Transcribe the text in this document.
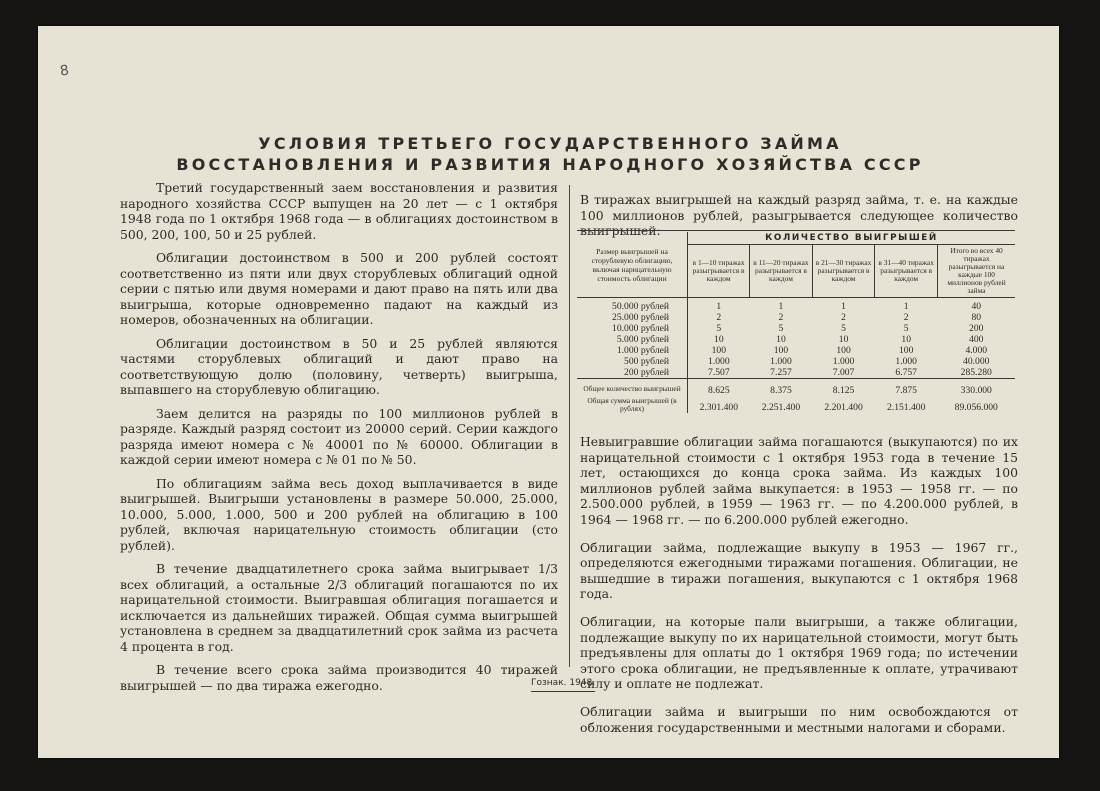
8
УСЛОВИЯ ТРЕТЬЕГО ГОСУДАРСТВЕННОГО ЗАЙМА
ВОССТАНОВЛЕНИЯ И РАЗВИТИЯ НАРОДНОГО ХОЗЯЙСТВА СССР

Третий государственный заем восстановления и развития народного хозяйства СССР выпущен на 20 лет — с 1 октября 1948 года по 1 октября 1968 года — в облигациях достоинством в 500, 200, 100, 50 и 25 рублей.

Облигации достоинством в 500 и 200 рублей состоят соответственно из пяти или двух сторублевых облигаций одной серии с пятью или двумя номерами и дают право на пять или два выигрыша, которые одновременно падают на каждый из номеров, обозначенных на облигации.

Облигации достоинством в 50 и 25 рублей являются частями сторублевых облигаций и дают право на соответствующую долю (половину, четверть) выигрыша, выпавшего на сторублевую облигацию.

Заем делится на разряды по 100 миллионов рублей в разряде. Каждый разряд состоит из 20000 серий. Серии каждого разряда имеют номера с № 40001 по № 60000. Облигации в каждой серии имеют номера с № 01 по № 50.

По облигациям займа весь доход выплачивается в виде выигрышей. Выигрыши установлены в размере 50.000, 25.000, 10.000, 5.000, 1.000, 500 и 200 рублей на облигацию в 100 рублей, включая нарицательную стоимость облигации (сто рублей).

В течение двадцатилетнего срока займа выигрывает 1/3 всех облигаций, а остальные 2/3 облигаций погашаются по их нарицательной стоимости. Выигравшая облигация погашается и исключается из дальнейших тиражей. Общая сумма выигрышей установлена в среднем за двадцатилетний срок займа из расчета 4 процента в год.

В течение всего срока займа производится 40 тиражей выигрышей — по два тиража ежегодно.

В тиражах выигрышей на каждый разряд займа, т. е. на каждые 100 миллионов рублей, разыгрывается следующее количество

Размер выигрышей на сторублевую облигацию, включая нарицательную стоимость облигации	КОЛИЧЕСТВО ВЫИГРЫШЕЙ				
	в 1—10 тиражах разыгрывается в каждом	в 11—20 тиражах разыгрывается в каждом	в 21—30 тиражах разыгрывается в каждом	в 31—40 тиражах разыгрывается в каждом	Итого во всех 40 тиражах разыгрывается на каждые 100 миллионов рублей займа
50.000 рублей	1	1	1	1	40
25.000 рублей	2	2	2	2	80
10.000 рублей	5	5	5	5	200
5.000 рублей	10	10	10	10	400
1.000 рублей	100	100	100	100	4.000
500 рублей	1.000	1.000	1.000	1.000	40.000
200 рублей	7.507	7.257	7.007	6.757	285.280
Общее количество выигрышей	8.625	8.375	8.125	7.875	330.000
Общая сумма выигрышей (в рублях)	2.301.400	2.251.400	2.201.400	2.151.400	89.056.000

Невыигравшие облигации займа погашаются (выкупаются) по их нарицательной стоимости с 1 октября 1953 года в течение 15 лет, остающихся до конца срока займа. Из каждых 100 миллионов рублей займа выкупается: в 1953 — 1958 гг. — по 2.500.000 рублей, в 1959 — 1963 гг. — по 4.200.000 рублей, в 1964 — 1968 гг. — по 6.200.000 рублей ежегодно.

Облигации займа, подлежащие выкупу в 1953 — 1967 гг., определяются ежегодными тиражами погашения. Облигации, не вышедшие в тиражи погашения, выкупаются с 1 октября 1968 года.

Облигации, на которые пали выигрыши, а также облигации, подлежащие выкупу по их нарицательной стоимости, могут быть предъявлены для оплаты до 1 октября 1969 года; по истечении этого срока облигации, не предъявленные к оплате, утрачивают силу и оплате не подлежат.

Облигации займа и выигрыши по ним освобождаются от обложения государственными и местными налогами и сборами.

Гознак. 1948.
